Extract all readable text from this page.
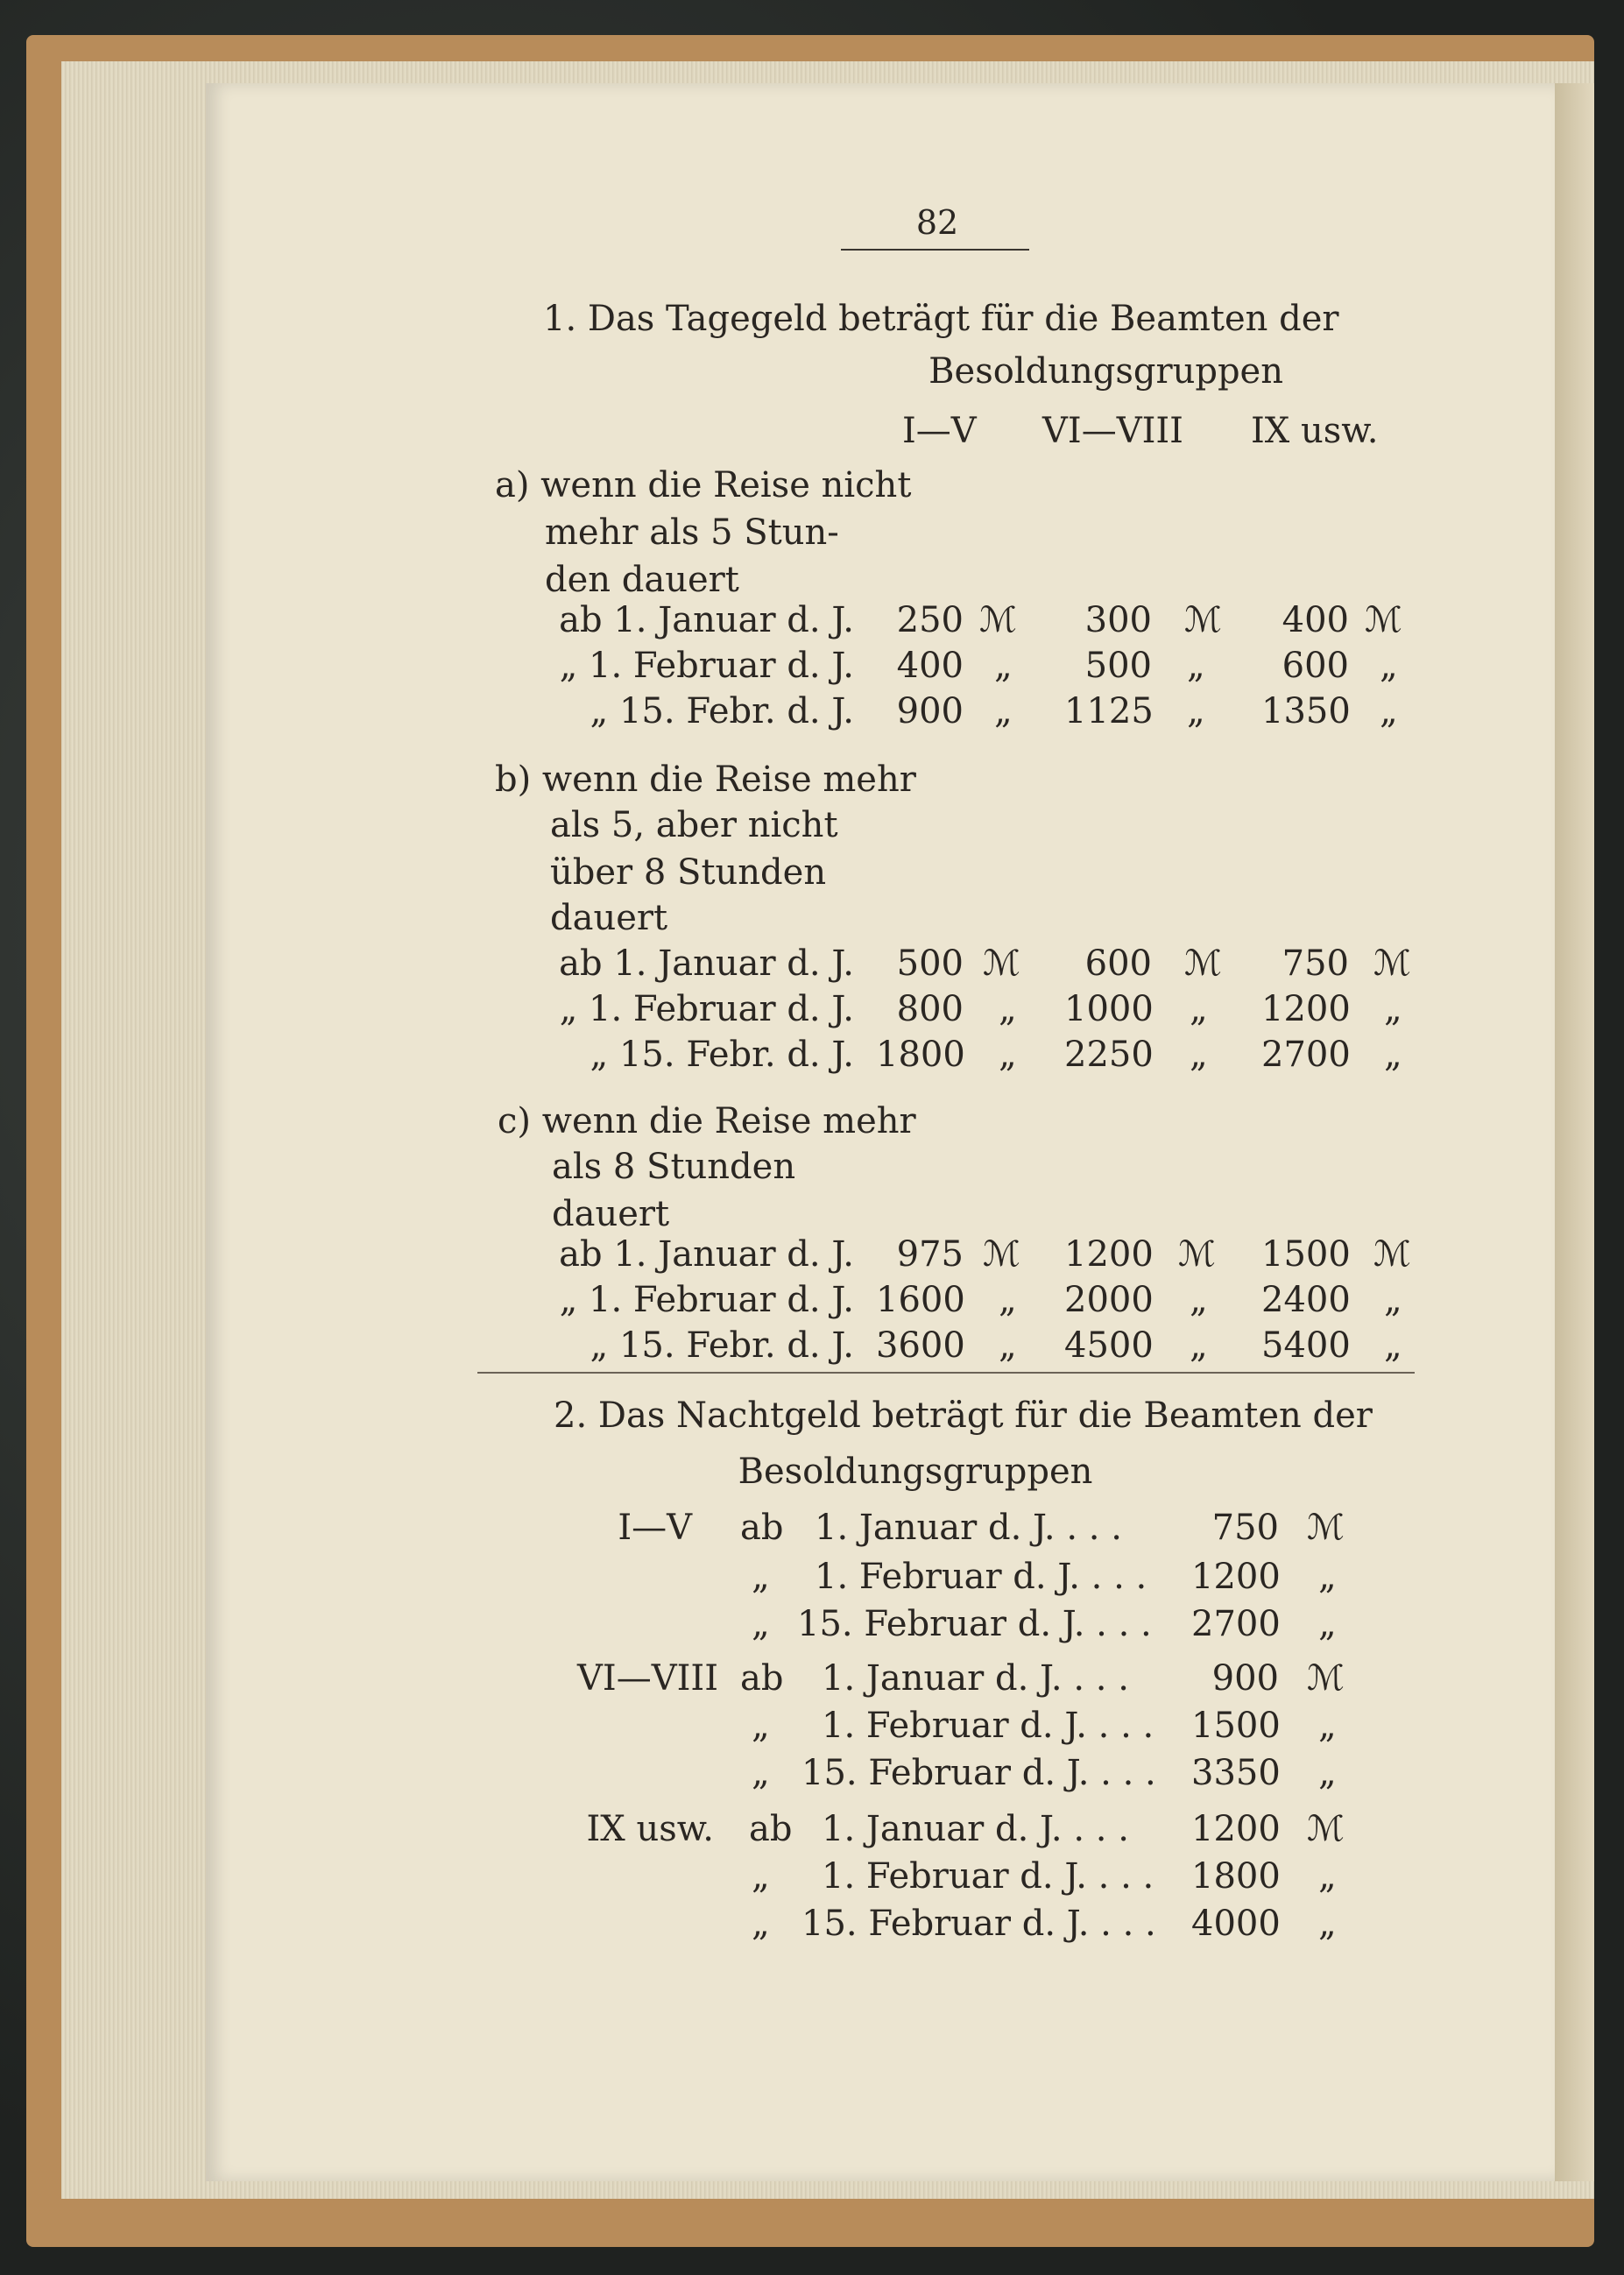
82
1. Das Tagegeld beträgt für die Beamten der
Besoldungsgruppen
I—V VI—VIII IX usw.
a) wenn die Reise nicht
mehr als 5 Stun-
den dauert
ab 1. Januar d. J.	250 ℳ	300 ℳ	400 ℳ
„ 1. Februar d. J.	400 „	500 „	600 „
„ 15. Febr. d. J.	900 „ 1125 „ 1350 „
b) wenn die Reise mehr
als 5, aber nicht
über 8 Stunden
dauert
ab 1. Januar d. J.	500 ℳ	600 ℳ	750 ℳ
„ 1. Februar d. J.	800 „ 1000 „ 1200 „
„ 15. Febr. d. J. 1800 „ 2250 „ 2700 „
c) wenn die Reise mehr
als 8 Stunden
dauert
ab 1. Januar d. J.	975 ℳ 1200 ℳ 1500 ℳ
„ 1. Februar d. J. 1600 „ 2000 „ 2400 „
„ 15. Febr. d. J. 3600 „ 4500 „ 5400 „
2. Das Nachtgeld beträgt für die Beamten der
Besoldungsgruppen
I—V ab 1. Januar d. J. . . .	750 ℳ
„ 1. Februar d. J. . . . 1200 „
„ 15. Februar d. J. . . . 2700 „
VI—VIII ab 1. Januar d. J. . . .	900 ℳ
„ 1. Februar d. J. . . . 1500 „
„ 15. Februar d. J. . . . 3350 „
IX usw. ab 1. Januar d. J. . . . 1200 ℳ
„ 1. Februar d. J. . . . 1800 „
„ 15. Februar d. J. . . . 4000 „
